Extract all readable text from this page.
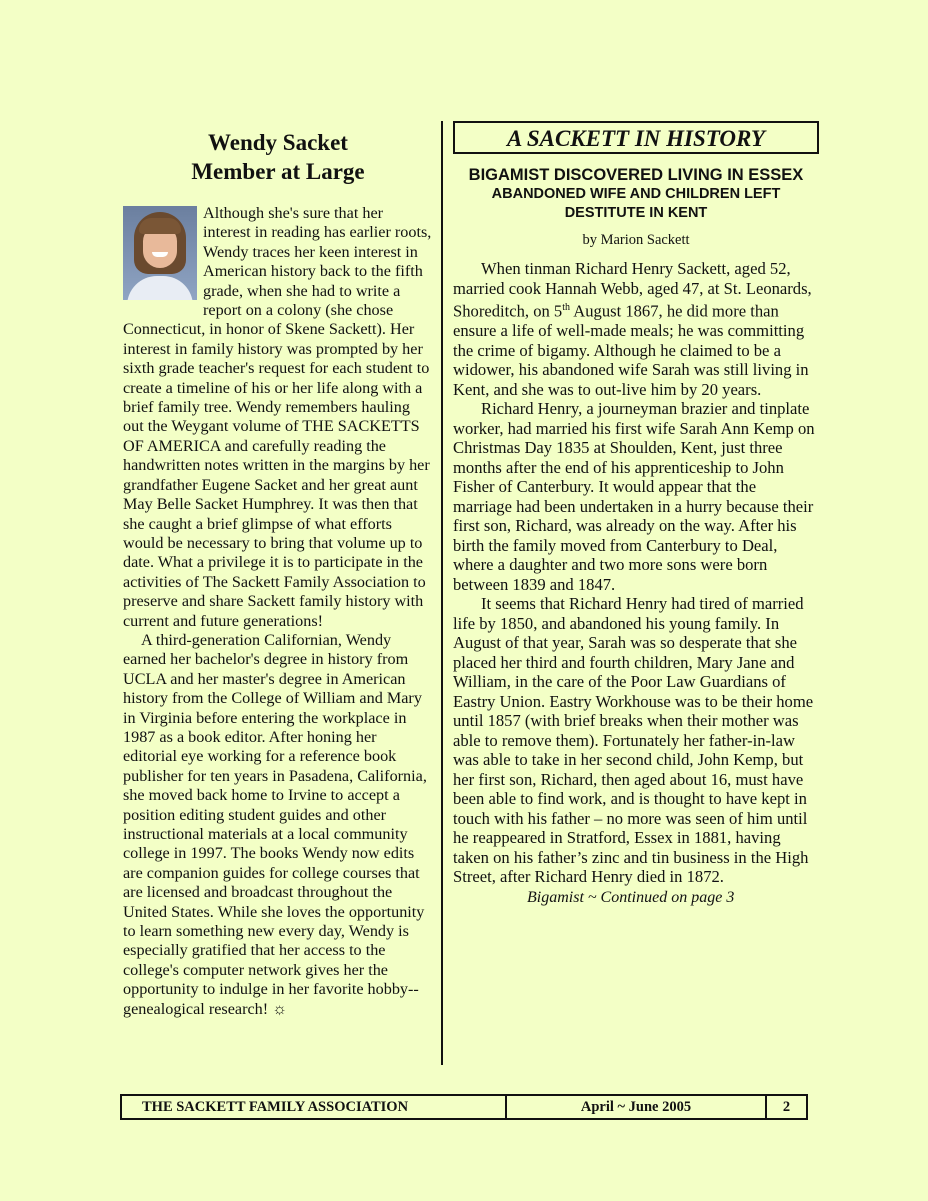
Wendy Sacket
Member at Large

Although she's sure that her interest in reading has earlier roots, Wendy traces her keen interest in American history back to the fifth grade, when she had to write a report on a colony (she chose Connecticut, in honor of Skene Sackett). Her interest in family history was prompted by her sixth grade teacher's request for each student to create a timeline of his or her life along with a brief family tree. Wendy remembers hauling out the Weygant volume of THE SACKETTS OF AMERICA and carefully reading the handwritten notes written in the margins by her grandfather Eugene Sacket and her great aunt May Belle Sacket Humphrey. It was then that she caught a brief glimpse of what efforts would be necessary to bring that volume up to date. What a privilege it is to participate in the activities of The Sackett Family Association to preserve and share Sackett family history with current and future generations!

A third-generation Californian, Wendy earned her bachelor's degree in history from UCLA and her master's degree in American history from the College of William and Mary in Virginia before entering the workplace in 1987 as a book editor. After honing her editorial eye working for a reference book publisher for ten years in Pasadena, California, she moved back home to Irvine to accept a position editing student guides and other instructional materials at a local community college in 1997. The books Wendy now edits are companion guides for college courses that are licensed and broadcast throughout the United States. While she loves the opportunity to learn something new every day, Wendy is especially gratified that her access to the college's computer network gives her the opportunity to indulge in her favorite hobby--genealogical research! ☼

A SACKETT IN HISTORY
BIGAMIST DISCOVERED LIVING IN ESSEX
ABANDONED WIFE AND CHILDREN LEFT DESTITUTE IN KENT
by Marion Sackett

When tinman Richard Henry Sackett, aged 52, married cook Hannah Webb, aged 47, at St. Leonards, Shoreditch, on 5th August 1867, he did more than ensure a life of well-made meals; he was committing the crime of bigamy. Although he claimed to be a widower, his abandoned wife Sarah was still living in Kent, and she was to out-live him by 20 years.

Richard Henry, a journeyman brazier and tinplate worker, had married his first wife Sarah Ann Kemp on Christmas Day 1835 at Shoulden, Kent, just three months after the end of his apprenticeship to John Fisher of Canterbury. It would appear that the marriage had been undertaken in a hurry because their first son, Richard, was already on the way. After his birth the family moved from Canterbury to Deal, where a daughter and two more sons were born between 1839 and 1847.

It seems that Richard Henry had tired of married life by 1850, and abandoned his young family. In August of that year, Sarah was so desperate that she placed her third and fourth children, Mary Jane and William, in the care of the Poor Law Guardians of Eastry Union. Eastry Workhouse was to be their home until 1857 (with brief breaks when their mother was able to remove them). Fortunately her father-in-law was able to take in her second child, John Kemp, but her first son, Richard, then aged about 16, must have been able to find work, and is thought to have kept in touch with his father – no more was seen of him until he reappeared in Stratford, Essex in 1881, having taken on his father’s zinc and tin business in the High Street, after Richard Henry died in 1872.

Bigamist ~ Continued on page 3
THE SACKETT FAMILY ASSOCIATION	April ~ June 2005	2
